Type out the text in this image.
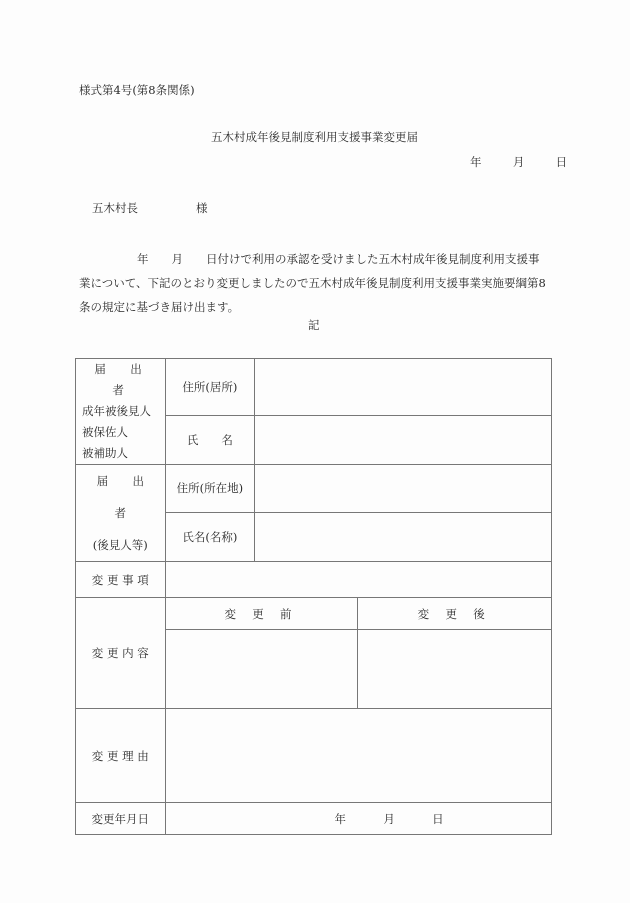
様式第4号(第8条関係)
五木村成年後見制度利用支援事業変更届
年	月	日
五木村長	様

年　　月　　日付けで利用の承認を受けました五木村成年後見制度利用支援事

業について、下記のとおり変更しましたので五木村成年後見制度利用支援事業実施要綱第8

条の規定に基づき届け出ます。

記
届 出 者
成年被後見人
被保佐人
被補助人	住所(居所)		
	氏　　名		

届 出 者
(後見人等)	住所(所在地)		
	氏名(名称)		
変 更 事 項			
変 更 内 容	変 更 前		変 更 後

変 更 理 由			
変更年月日	年 月 日		
